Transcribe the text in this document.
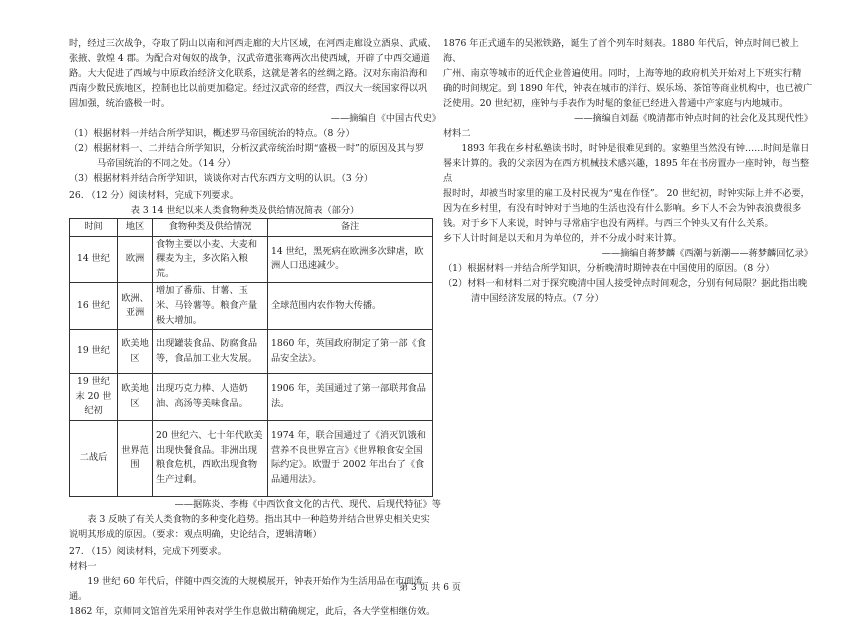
时，经过三次战争，夺取了阴山以南和河西走廊的大片区域，在河西走廊设立酒泉、武威、

张掖、敦煌 4 郡。为配合对匈奴的战争，汉武帝遣张骞两次出使西域，开辟了中西交通道

路。大大促进了西域与中原政治经济文化联系，这就是著名的丝绸之路。汉对东南沿海和

西南少数民族地区，控制也比以前更加稳定。经过汉武帝的经营，西汉大一统国家得以巩

固加强，统治盛极一时。

——摘编自《中国古代史》

（1）根据材料一并结合所学知识，概述罗马帝国统治的特点。（8 分）

（2）根据材料一、二并结合所学知识，分析汉武帝统治时期“盛极一时”的原因及其与罗

马帝国统治的不同之处。（14 分）

（3）根据材料并结合所学知识，谈谈你对古代东西方文明的认识。（3 分）

26. （12 分）阅读材料，完成下列要求。

表 3 14 世纪以来人类食物种类及供给情况简表（部分）

时间	地区	食物种类及供给情况	备注
14 世纪	欧洲	食物主要以小麦、大麦和稞麦为主，多次陷入粮荒。	14 世纪，黑死病在欧洲多次肆虐，欧洲人口迅速减少。
16 世纪	欧洲、亚洲	增加了番茄、甘薯、玉米、马铃薯等。粮食产量极大增加。	全球范围内农作物大传播。
19 世纪	欧美地区	出现罐装食品、防腐食品等，食品加工业大发展。	1860 年，英国政府制定了第一部《食品安全法》。
19 世纪末 20 世纪初	欧美地区	出现巧克力棒、人造奶油、高汤等美味食品。	1906 年，美国通过了第一部联邦食品法。
二战后	世界范围	20 世纪六、七十年代欧美出现快餐食品。非洲出现粮食危机，西欧出现食物生产过剩。	1974 年，联合国通过了《消灭饥饿和营养不良世界宣言》《世界粮食安全国际约定》。欧盟于 2002 年出台了《食品通用法》。

——据陈炎、李梅《中西饮食文化的古代、现代、后现代特征》等

表 3 反映了有关人类食物的多种变化趋势。指出其中一种趋势并结合世界史相关史实

说明其形成的原因。（要求：观点明确，史论结合，逻辑清晰）

27. （15）阅读材料，完成下列要求。

材料一

19 世纪 60 年代后，伴随中西交流的大规模展开，钟表开始作为生活用品在市面流通。

1862 年，京师同文馆首先采用钟表对学生作息做出精确规定，此后，各大学堂相继仿效。

1876 年正式通车的吴淞铁路，诞生了首个列车时刻表。1880 年代后，钟点时间已被上海、

广州、南京等城市的近代企业普遍使用。同时，上海等地的政府机关开始对上下班实行精

确的时间规定。到 1890 年代，钟表在城市的洋行、娱乐场、茶馆等商业机构中，也已被广

泛使用。20 世纪初，座钟与手表作为时髦的象征已经进入普通中产家庭与内地城市。

——摘编自刘磊《晚清都市钟点时间的社会化及其现代性》

材料二

1893 年我在乡村私塾读书时，时钟是很难见到的。家塾里当然没有钟……时间是靠日

晷来计算的。我的父亲因为在西方机械技术感兴趣，1895 年在书房置办一座时钟，每当整点

报时时，却被当时家里的雇工及村民视为“鬼在作怪”。 20 世纪初，时钟实际上并不必要，

因为在乡村里，有没有时钟对于当地的生活也没有什么影响。乡下人不会为钟表浪费很多

钱。对于乡下人来说，时钟与寻常庙宇也没有两样。与西三个钟头又有什么关系。

乡下人计时间是以天和月为单位的，并不分成小时来计算。

——摘编自蒋梦麟《西潮与新潮——蒋梦麟回忆录》

（1）根据材料一并结合所学知识，分析晚清时期钟表在中国使用的原因。（8 分）

（2）材料一和材料二对于探究晚清中国人接受钟点时间观念，分别有何局限？据此指出晚

清中国经济发展的特点。（7 分）

第 3 页 共 6 页
